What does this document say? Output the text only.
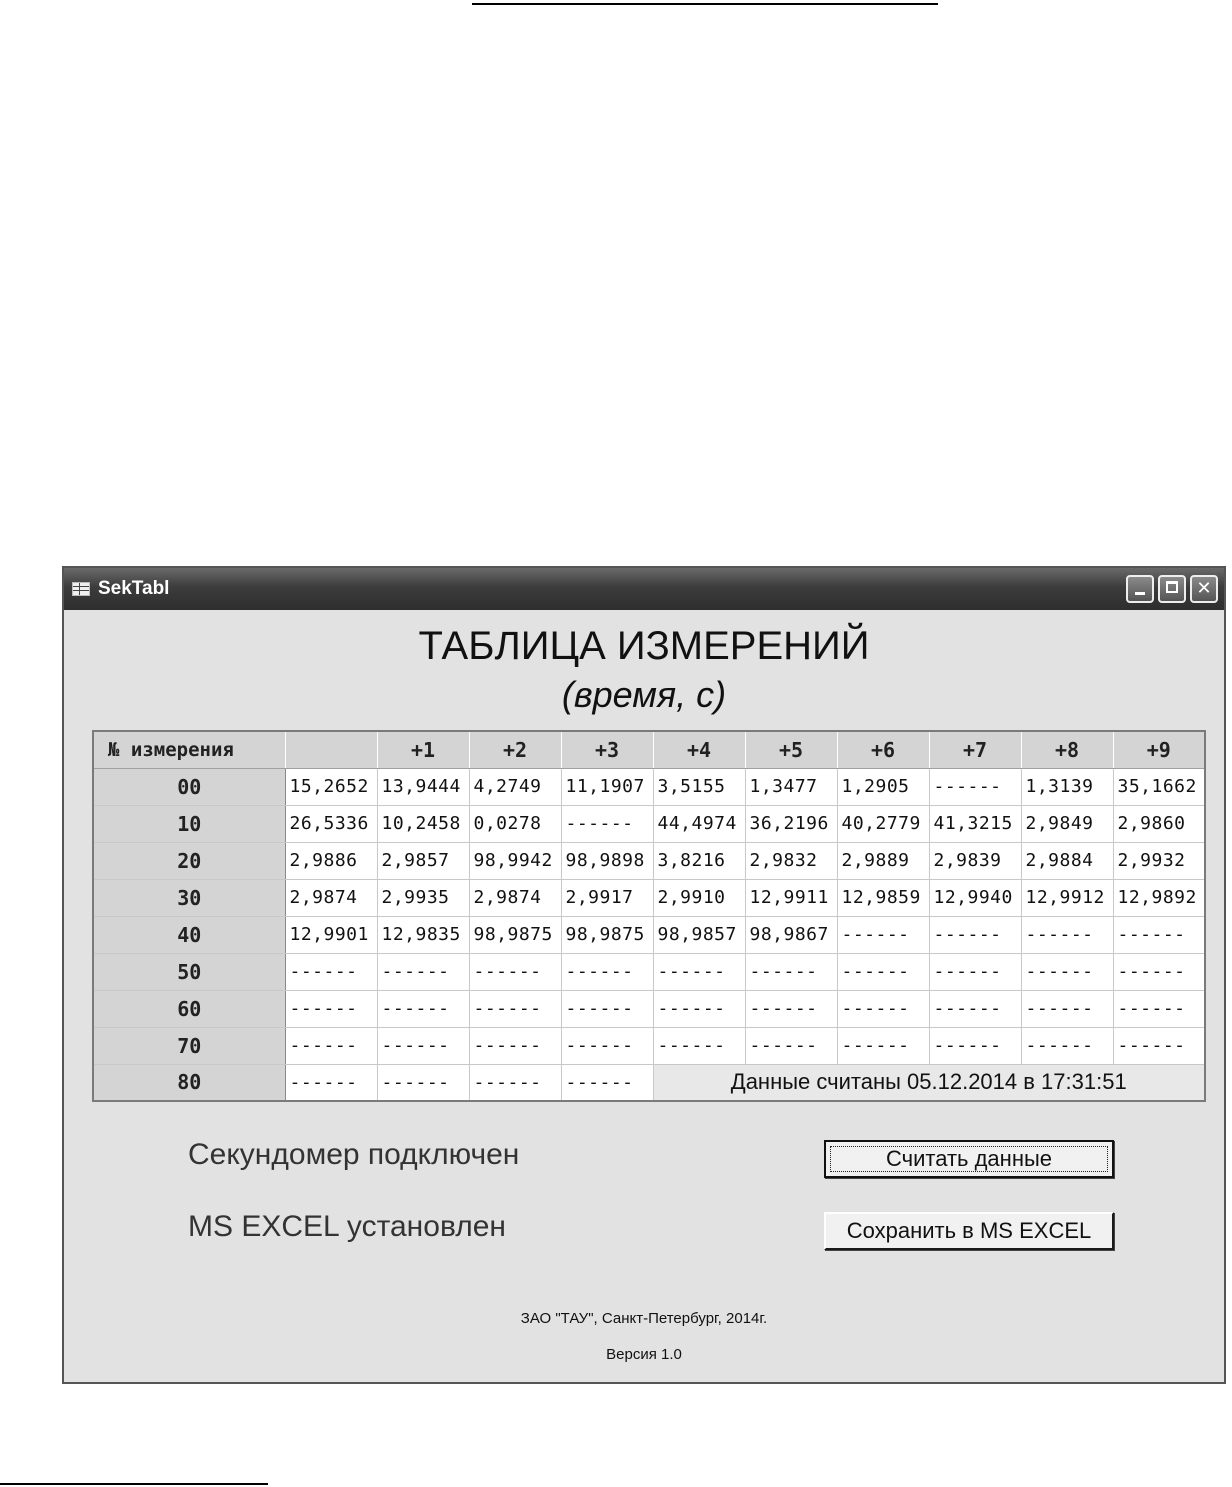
SekTabl	✕
ТАБЛИЦА ИЗМЕРЕНИЙ
(время, с)
№ измерения		+1	+2	+3	+4	+5	+6	+7	+8	+9
00	15,2652	13,9444	4,2749	11,1907	3,5155	1,3477	1,2905	------	1,3139	35,1662
10	26,5336	10,2458	0,0278	------	44,4974	36,2196	40,2779	41,3215	2,9849	2,9860
20	2,9886	2,9857	98,9942	98,9898	3,8216	2,9832	2,9889	2,9839	2,9884	2,9932
30	2,9874	2,9935	2,9874	2,9917	2,9910	12,9911	12,9859	12,9940	12,9912	12,9892
40	12,9901	12,9835	98,9875	98,9875	98,9857	98,9867	------	------	------	------
50	------	------	------	------	------	------	------	------	------	------
60	------	------	------	------	------	------	------	------	------	------
70	------	------	------	------	------	------	------	------	------	------
80	------	------	------	------	Данные считаны 05.12.2014 в 17:31:51					
Секундомер подключен
MS EXCEL установлен
Считать данные
Сохранить в MS EXCEL
ЗАО "ТАУ", Санкт-Петербург, 2014г.
Версия 1.0
